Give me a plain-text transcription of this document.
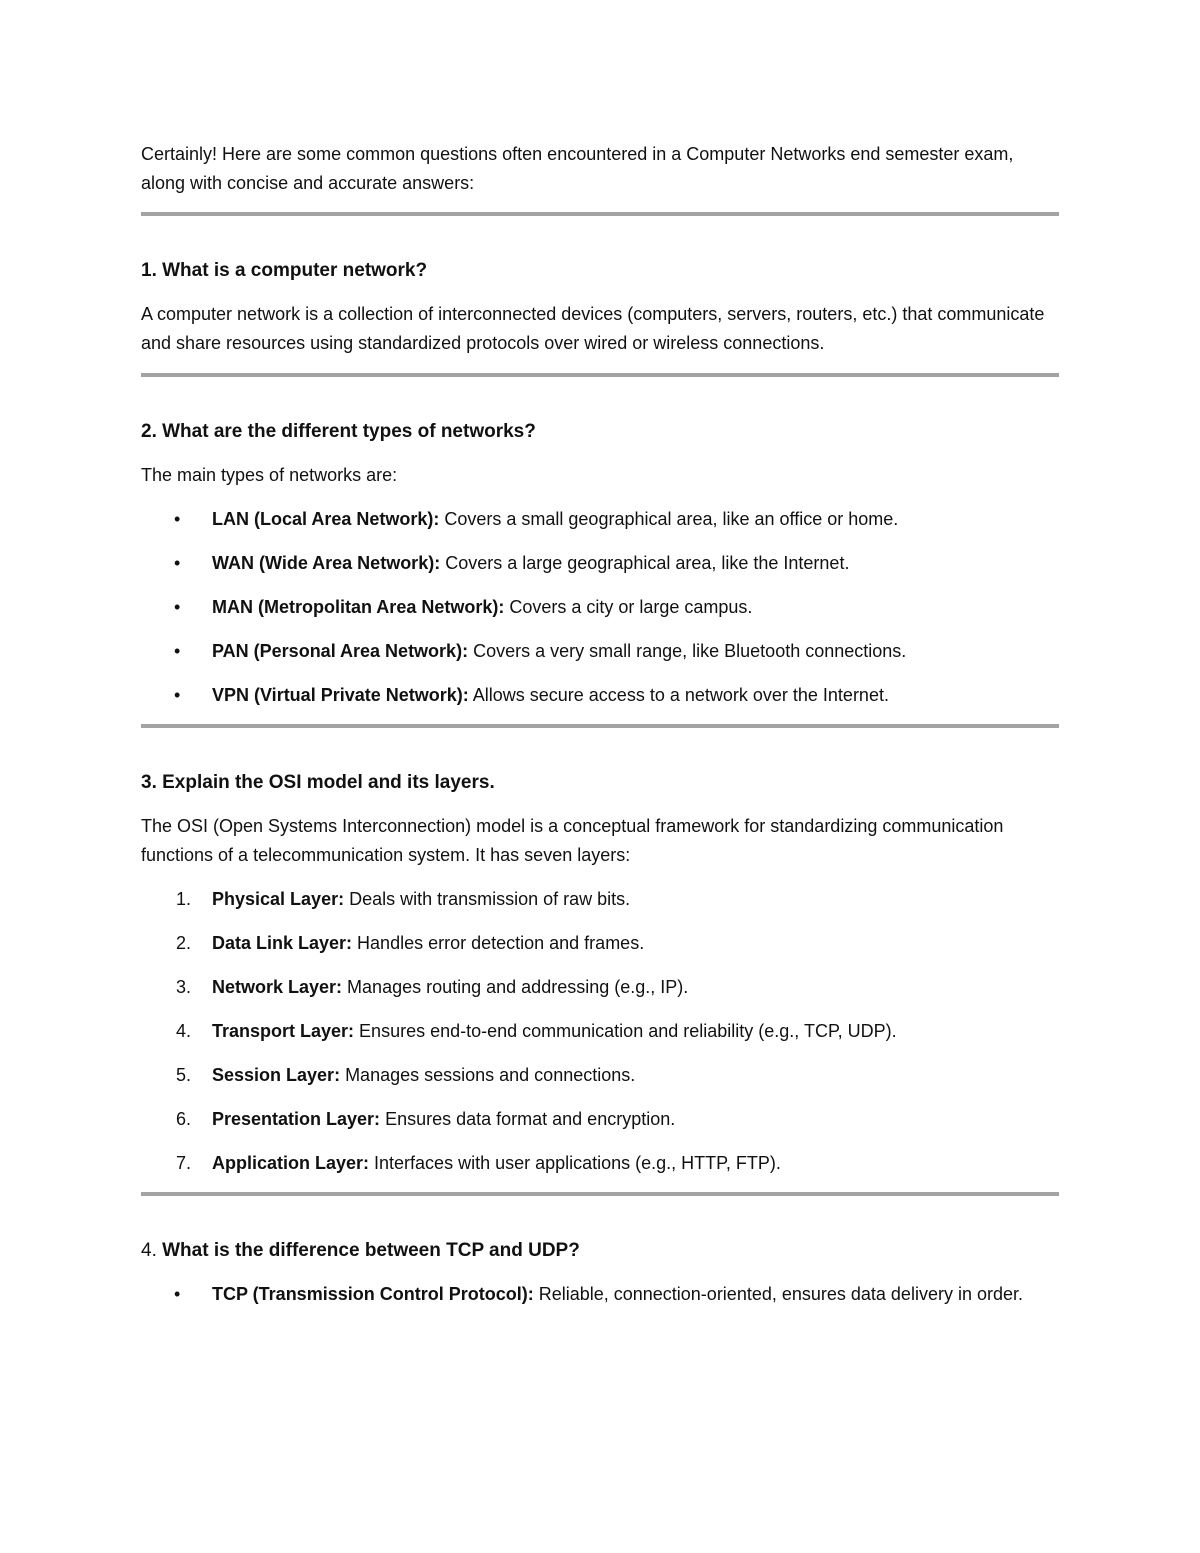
Certainly! Here are some common questions often encountered in a Computer Networks end semester exam, along with concise and accurate answers:

1. What is a computer network?

A computer network is a collection of interconnected devices (computers, servers, routers, etc.) that communicate and share resources using standardized protocols over wired or wireless connections.

2. What are the different types of networks?

The main types of networks are:

• LAN (Local Area Network): Covers a small geographical area, like an office or home.
• WAN (Wide Area Network): Covers a large geographical area, like the Internet.
• MAN (Metropolitan Area Network): Covers a city or large campus.
• PAN (Personal Area Network): Covers a very small range, like Bluetooth connections.
• VPN (Virtual Private Network): Allows secure access to a network over the Internet.
3. Explain the OSI model and its layers.

The OSI (Open Systems Interconnection) model is a conceptual framework for standardizing communication functions of a telecommunication system. It has seven layers:

1. Physical Layer: Deals with transmission of raw bits.
2. Data Link Layer: Handles error detection and frames.
3. Network Layer: Manages routing and addressing (e.g., IP).
4. Transport Layer: Ensures end-to-end communication and reliability (e.g., TCP, UDP).
5. Session Layer: Manages sessions and connections.
6. Presentation Layer: Ensures data format and encryption.
7. Application Layer: Interfaces with user applications (e.g., HTTP, FTP).
4. What is the difference between TCP and UDP?
• TCP (Transmission Control Protocol): Reliable, connection-oriented, ensures data delivery in order.
